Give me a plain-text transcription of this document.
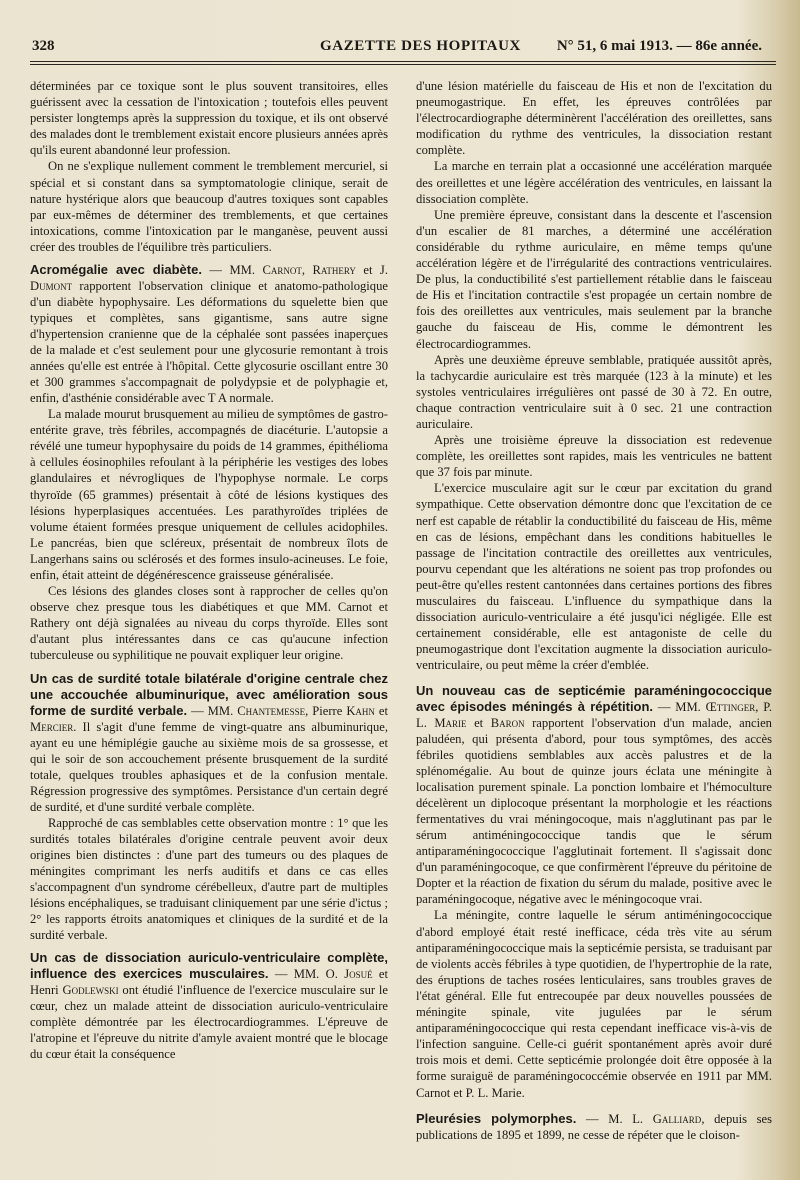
328	GAZETTE DES HOPITAUX N° 51, 6 mai 1913. — 86e année.

déterminées par ce toxique sont le plus souvent transitoires, elles guérissent avec la cessation de l'intoxication ; toutefois elles peuvent persister longtemps après la suppression du toxique, et ils ont observé des malades dont le tremblement existait encore plusieurs années après qu'ils eurent abandonné leur profession.

On ne s'explique nullement comment le tremblement mercuriel, si spécial et si constant dans sa symptomatologie clinique, serait de nature hystérique alors que beaucoup d'autres toxiques sont capables par eux-mêmes de déterminer des tremblements, et que certaines intoxications, comme l'intoxication par le manganèse, peuvent aussi créer des troubles de l'équilibre très particuliers.

Acromégalie avec diabète. — MM. Carnot, Rathery et J. Dumont rapportent l'observation clinique et anatomo-pathologique d'un diabète hypophysaire. Les déformations du squelette bien que typiques et complètes, sans gigantisme, sans autre signe d'hypertension cranienne que de la céphalée sont passées inaperçues de la malade et c'est seulement pour une glycosurie remontant à trois années qu'elle est entrée à l'hôpital. Cette glycosurie oscillant entre 30 et 300 grammes s'accompagnait de polydypsie et de polyphagie et, enfin, d'asthénie considérable avec T A normale.

La malade mourut brusquement au milieu de symptômes de gastro-entérite grave, très fébriles, accompagnés de diacéturie. L'autopsie a révélé une tumeur hypophysaire du poids de 14 grammes, épithélioma à cellules éosinophiles refoulant à la périphérie les vestiges des lobes glandulaires et névrogliques de l'hypophyse normale. Le corps thyroïde (65 grammes) présentait à côté de lésions kystiques des lésions hyperplasiques accentuées. Les parathyroïdes triplées de volume étaient formées presque uniquement de cellules acidophiles. Le pancréas, bien que scléreux, présentait de nombreux îlots de Langerhans sains ou sclérosés et des formes insulo-acineuses. Le foie, enfin, était atteint de dégénérescence graisseuse généralisée.

Ces lésions des glandes closes sont à rapprocher de celles qu'on observe chez presque tous les diabétiques et que MM. Carnot et Rathery ont déjà signalées au niveau du corps thyroïde. Elles sont d'autant plus intéressantes dans ce cas qu'aucune infection tuberculeuse ou syphilitique ne pouvait expliquer leur origine.

Un cas de surdité totale bilatérale d'origine centrale chez une accouchée albuminurique, avec amélioration sous forme de surdité verbale. — MM. Chantemesse, Pierre Kahn et Mercier. Il s'agit d'une femme de vingt-quatre ans albuminurique, ayant eu une hémiplégie gauche au sixième mois de sa grossesse, et qui le soir de son accouchement présente brusquement de la surdité totale, quelques troubles aphasiques et de la confusion mentale. Régression progressive des symptômes. Persistance d'un certain degré de surdité, et d'une surdité verbale complète.

Rapproché de cas semblables cette observation montre : 1° que les surdités totales bilatérales d'origine centrale peuvent avoir deux origines bien distinctes : d'une part des tumeurs ou des plaques de méningites comprimant les nerfs auditifs et dans ce cas elles s'accompagnent d'un syndrome cérébelleux, d'autre part de multiples lésions encéphaliques, se traduisant cliniquement par une série d'ictus ; 2° les rapports étroits anatomiques et cliniques de la surdité et de la surdité verbale.

Un cas de dissociation auriculo-ventriculaire complète, influence des exercices musculaires. — MM. O. Josué et Henri Godlewski ont étudié l'influence de l'exercice musculaire sur le cœur, chez un malade atteint de dissociation auriculo-ventriculaire complète démontrée par les électrocardiogrammes. L'épreuve de l'atropine et l'épreuve du nitrite d'amyle avaient montré que le blocage du cœur était la conséquence

d'une lésion matérielle du faisceau de His et non de l'excitation du pneumogastrique. En effet, les épreuves contrôlées par l'électrocardiographe déterminèrent l'accélération des oreillettes, sans modification du rythme des ventricules, la dissociation restant complète.

La marche en terrain plat a occasionné une accélération marquée des oreillettes et une légère accélération des ventricules, en laissant la dissociation complète.

Une première épreuve, consistant dans la descente et l'ascension d'un escalier de 81 marches, a déterminé une accélération considérable du rythme auriculaire, en même temps qu'une accélération légère et de l'irrégularité des contractions ventriculaires. De plus, la conductibilité s'est partiellement rétablie dans le faisceau de His et l'incitation contractile s'est propagée un certain nombre de fois des oreillettes aux ventricules, mais seulement par la branche gauche du faisceau de His, comme le démontrent les électrocardiogrammes.

Après une deuxième épreuve semblable, pratiquée aussitôt après, la tachycardie auriculaire est très marquée (123 à la minute) et les systoles ventriculaires irrégulières ont passé de 30 à 72. En outre, chaque contraction ventriculaire suit à 0 sec. 21 une contraction auriculaire.

Après une troisième épreuve la dissociation est redevenue complète, les oreillettes sont rapides, mais les ventricules ne battent que 37 fois par minute.

L'exercice musculaire agit sur le cœur par excitation du grand sympathique. Cette observation démontre donc que l'excitation de ce nerf est capable de rétablir la conductibilité du faisceau de His, même en cas de lésions, empêchant dans les conditions habituelles le passage de l'incitation contractile des oreillettes aux ventricules, pourvu cependant que les altérations ne soient pas trop profondes ou peut-être qu'elles restent cantonnées dans certaines portions des fibres musculaires du faisceau. L'influence du sympathique dans la dissociation auriculo-ventriculaire a été jusqu'ici négligée. Elle est certainement considérable, elle est antagoniste de celle du pneumogastrique dont l'excitation augmente la dissociation auriculo-ventriculaire, ou peut même la créer d'emblée.

Un nouveau cas de septicémie paraméningococcique avec épisodes méningés à répétition. — MM. Œttinger, P. L. Marie et Baron rapportent l'observation d'un malade, ancien paludéen, qui présenta d'abord, pour tous symptômes, des accès fébriles quotidiens semblables aux accès palustres et de la splénomégalie. Au bout de quinze jours éclata une méningite à localisation purement spinale. La ponction lombaire et l'hémoculture décelèrent un diplocoque présentant la morphologie et les réactions fermentatives du vrai méningocoque, mais n'agglutinant pas par le sérum antiméningococcique tandis que le sérum antiparaméningococcique l'agglutinait fortement. Il s'agissait donc d'un paraméningocoque, ce que confirmèrent l'épreuve du péritoine de Dopter et la réaction de fixation du sérum du malade, positive avec le paraméningocoque, négative avec le méningocoque vrai.

La méningite, contre laquelle le sérum antiméningococcique d'abord employé était resté inefficace, céda très vite au sérum antiparaméningococcique mais la septicémie persista, se traduisant par de violents accès fébriles à type quotidien, de l'hypertrophie de la rate, des éruptions de taches rosées lenticulaires, sans troubles graves de l'état général. Elle fut entrecoupée par deux nouvelles poussées de méningite spinale, vite jugulées par le sérum antiparaméningococcique qui resta cependant inefficace vis-à-vis de l'infection sanguine. Celle-ci guérit spontanément après avoir duré trois mois et demi. Cette septicémie prolongée doit être opposée à la forme suraiguë de paraméningococcémie observée en 1911 par MM. Carnot et P. L. Marie.

Pleurésies polymorphes. — M. L. Galliard, depuis ses publications de 1895 et 1899, ne cesse de répéter que le cloison-
